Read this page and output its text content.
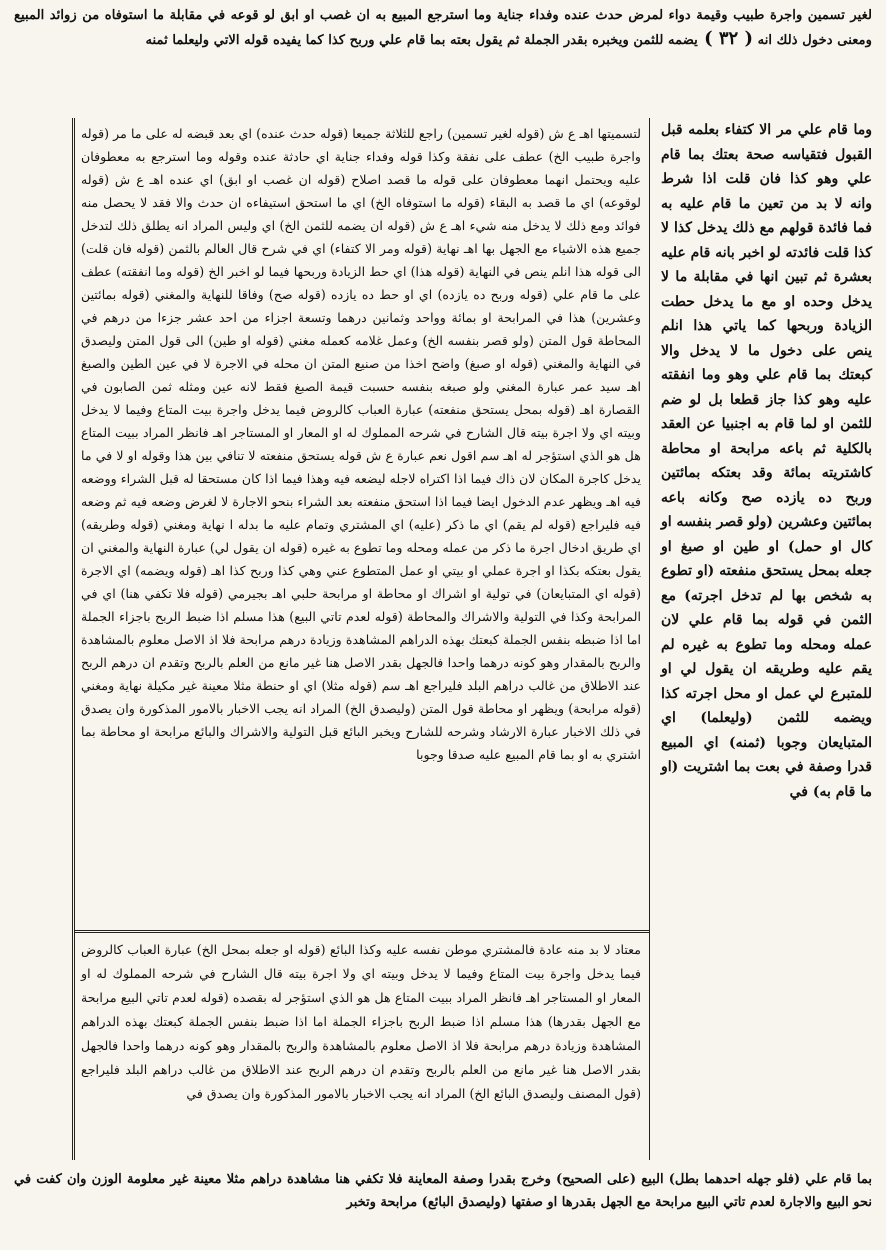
لغير تسمين واجرة طبيب وقيمة دواء لمرض حدث عنده وفداء جناية وما استرجع المبيع به ان غصب او ابق لو قوعه في مقابلة ما استوفاه من زوائد المبيع ومعنى دخول ذلك انه ( ٣٢ ) يضمه للثمن ويخبره بقدر الجملة ثم يقول بعته بما قام علي وربح كذا كما يفيده قوله الاتي وليعلما ثمنه
لتسميتها اهـ ع ش (قوله لغير تسمين) راجع للثلاثة جميعا (قوله حدث عنده) اي بعد قبضه له على ما مر (قوله واجرة طبيب الخ) عطف على نفقة وكذا قوله وفداء جناية اي حادثة عنده وقوله وما استرجع به معطوفان عليه ويحتمل انهما معطوفان على قوله ما قصد اصلاح (قوله ان غصب او ابق) اي عنده اهـ ع ش (قوله لوقوعه) اي ما قصد به البقاء (قوله ما استوفاه الخ) اي ما استحق استيفاءه ان حدث والا فقد لا يحصل منه فوائد ومع ذلك لا يدخل منه شيء اهـ ع ش (قوله ان يضمه للثمن الخ) اي وليس المراد انه يطلق ذلك لتدخل جميع هذه الاشياء مع الجهل بها اهـ نهاية (قوله ومر الا كتفاء) اي في شرح قال العالم بالثمن (قوله فان قلت) الى قوله هذا انلم ينص في النهاية (قوله هذا) اي حط الزيادة وربحها فيما لو اخبر الخ (قوله وما انفقته) عطف على ما قام علي (قوله وربح ده يازده) اي او حط ده يازده (قوله صح) وفاقا للنهاية والمغني (قوله بمائتين وعشرين) هذا في المرابحة او بمائة وواحد وثمانين درهما وتسعة اجزاء من احد عشر جزءا من درهم في المحاطة قول المتن (ولو قصر بنفسه الخ) وعمل غلامه كعمله مغني (قوله او طين) الى قول المتن وليصدق في النهاية والمغني (قوله او صبغ) واضح اخذا من صنيع المتن ان محله في الاجرة لا في عين الطين والصبغ اهـ سيد عمر عبارة المغني ولو صبغه بنفسه حسبت قيمة الصبغ فقط لانه عين ومثله ثمن الصابون في القصارة اهـ (قوله بمحل يستحق منفعته) عبارة العباب كالروض فيما يدخل واجرة بيت المتاع وفيما لا يدخل وبيته اي ولا اجرة بيته قال الشارح في شرحه المملوك له او المعار او المستاجر اهـ فانظر المراد ببيت المتاع هل هو الذي استؤجر له اهـ سم اقول نعم عبارة ع ش قوله يستحق منفعته لا تنافي بين هذا وقوله او لا في ما يدخل كاجرة المكان لان ذاك فيما اذا اكتراه لاجله ليضعه فيه وهذا فيما اذا كان مستحقا له قبل الشراء ووضعه فيه اهـ ويظهر عدم الدخول ايضا فيما اذا استحق منفعته بعد الشراء بنحو الاجارة لا لغرض وضعه فيه ثم وضعه فيه فليراجع (قوله لم يقم) اي ما ذكر (عليه) اي المشتري وتمام عليه ما بدله ا نهاية ومغني (قوله وطريقه) اي طريق ادخال اجرة ما ذكر من عمله ومحله وما تطوع به غيره (قوله ان يقول لي) عبارة النهاية والمغني ان يقول بعتكه بكذا او اجرة عملي او بيتي او عمل المتطوع عني وهي كذا وربح كذا اهـ (قوله ويضمه) اي الاجرة (قوله اي المتبايعان) في تولية او اشراك او محاطة او مرابحة حلبي اهـ بجيرمي (قوله فلا تكفي هنا) اي في المرابحة وكذا في التولية والاشراك والمحاطة (قوله لعدم تاتي البيع) هذا مسلم اذا ضبط الربح باجزاء الجملة اما اذا ضبطه بنفس الجملة كبعتك بهذه الدراهم المشاهدة وزيادة درهم مرابحة فلا اذ الاصل معلوم بالمشاهدة والربح بالمقدار وهو كونه درهما واحدا فالجهل بقدر الاصل هنا غير مانع من العلم بالربح وتقدم ان درهم الربح عند الاطلاق من غالب دراهم البلد فليراجع اهـ سم (قوله مثلا) اي او حنطة مثلا معينة غير مكيلة نهاية ومغني (قوله مرابحة) ويظهر او محاطة قول المتن (وليصدق الخ) المراد انه يجب الاخبار بالامور المذكورة وان يصدق في ذلك الاخبار عبارة الارشاد وشرحه للشارح ويخبر البائع قبل التولية والاشراك والبائع مرابحة او محاطة بما اشتري به او بما قام المبيع عليه صدقا وجوبا
معتاد لا بد منه عادة فالمشتري موطن نفسه عليه وكذا البائع (قوله او جعله بمحل الخ) عبارة العباب كالروض فيما يدخل واجرة بيت المتاع وفيما لا يدخل وبيته اي ولا اجرة بيته قال الشارح في شرحه المملوك له او المعار او المستاجر اهـ فانظر المراد ببيت المتاع هل هو الذي استؤجر له بقصده (قوله لعدم تاتي البيع مرابحة مع الجهل بقدرها) هذا مسلم اذا ضبط الربح باجزاء الجملة اما اذا ضبط بنفس الجملة كبعتك بهذه الدراهم المشاهدة وزيادة درهم مرابحة فلا اذ الاصل معلوم بالمشاهدة والربح بالمقدار وهو كونه درهما واحدا فالجهل بقدر الاصل هنا غير مانع من العلم بالربح وتقدم ان درهم الربح عند الاطلاق من غالب دراهم البلد فليراجع (قول المصنف وليصدق البائع الخ) المراد انه يجب الاخبار بالامور المذكورة وان يصدق في
وما قام علي مر الا كتفاء بعلمه قبل القبول فتقياسه صحة بعتك بما قام علي وهو كذا فان قلت اذا شرط وانه لا بد من تعين ما قام عليه به فما فائدة قولهم مع ذلك يدخل كذا لا كذا قلت فائدته لو اخبر بانه قام عليه بعشرة ثم تبين انها في مقابلة ما لا يدخل وحده او مع ما يدخل حطت الزيادة وربحها كما ياتي هذا انلم ينص على دخول ما لا يدخل والا كبعتك بما قام علي وهو وما انفقته عليه وهو كذا جاز قطعا بل لو ضم للثمن او لما قام به اجنبيا عن العقد بالكلية ثم باعه مرابحة او محاطة كاشتريته بمائة وقد بعتكه بمائتين وربح ده يازده صح وكانه باعه بمائتين وعشرين (ولو قصر بنفسه او كال او حمل) او طين او صبغ او جعله بمحل يستحق منفعته (او تطوع به شخص بها لم تدخل اجرته) مع الثمن في قوله بما قام علي لان عمله ومحله وما تطوع به غيره لم يقم عليه وطريقه ان يقول لي او للمتبرع لي عمل او محل اجرته كذا ويضمه للثمن (وليعلما) اي المتبايعان وجوبا (ثمنه) اي المبيع قدرا وصفة في بعت بما اشتريت (او ما قام به) في
بما قام علي (فلو جهله احدهما بطل) البيع (على الصحيح) وخرج بقدرا وصفة المعاينة فلا تكفي هنا مشاهدة دراهم مثلا معينة غير معلومة الوزن وان كفت في نحو البيع والاجارة لعدم تاتي البيع مرابحة مع الجهل بقدرها او صفتها (وليصدق البائع) مرابحة وتخبر
